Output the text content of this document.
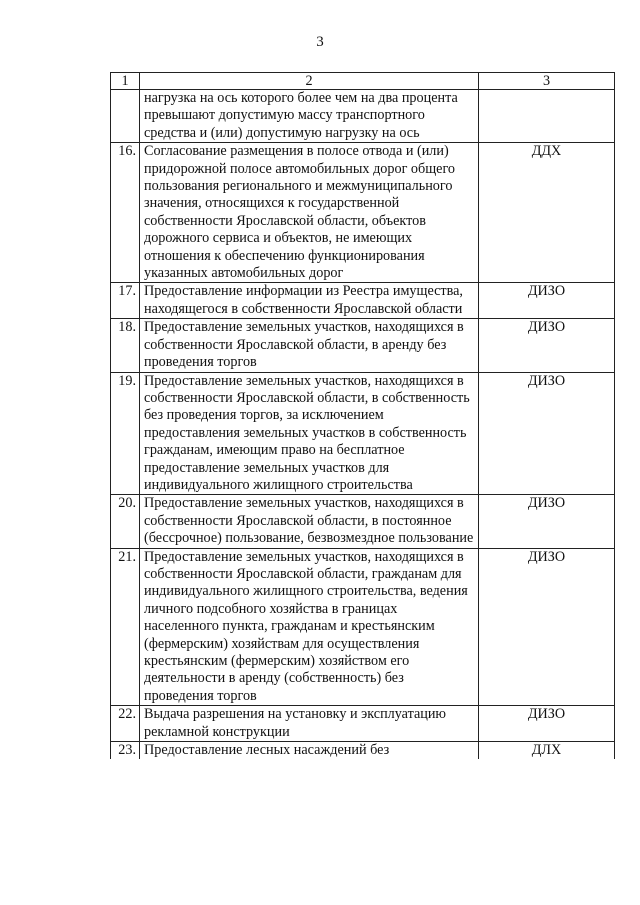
3
1	2	3
	нагрузка на ось которого более чем на два процента превышают допустимую массу транспортного средства и (или) допустимую нагрузку на ось	
16.	Согласование размещения в полосе отвода и (или) придорожной полосе автомобильных дорог общего пользования регионального и межмуниципального значения, относящихся к государственной собственности Ярославской области, объектов дорожного сервиса и объектов, не имеющих отношения к обеспечению функционирования указанных автомобильных дорог	ДДХ
17.	Предоставление информации из Реестра имущества, находящегося в собственности Ярославской области	ДИЗО
18.	Предоставление земельных участков, находящихся в собственности Ярославской области, в аренду без проведения торгов	ДИЗО
19.	Предоставление земельных участков, находящихся в собственности Ярославской области, в собственность без проведения торгов, за исключением предоставления земельных участков в собственность гражданам, имеющим право на бесплатное предоставление земельных участков для индивидуального жилищного строительства	ДИЗО
20.	Предоставление земельных участков, находящихся в собственности Ярославской области, в постоянное (бессрочное) пользование, безвозмездное пользование	ДИЗО
21.	Предоставление земельных участков, находящихся в собственности Ярославской области, гражданам для индивидуального жилищного строительства, ведения личного подсобного хозяйства в границах населенного пункта, гражданам и крестьянским (фермерским) хозяйствам для осуществления крестьянским (фермерским) хозяйством его деятельности в аренду (собственность) без проведения торгов	ДИЗО
22.	Выдача разрешения на установку и эксплуатацию рекламной конструкции	ДИЗО
23.	Предоставление лесных насаждений без	ДЛХ
